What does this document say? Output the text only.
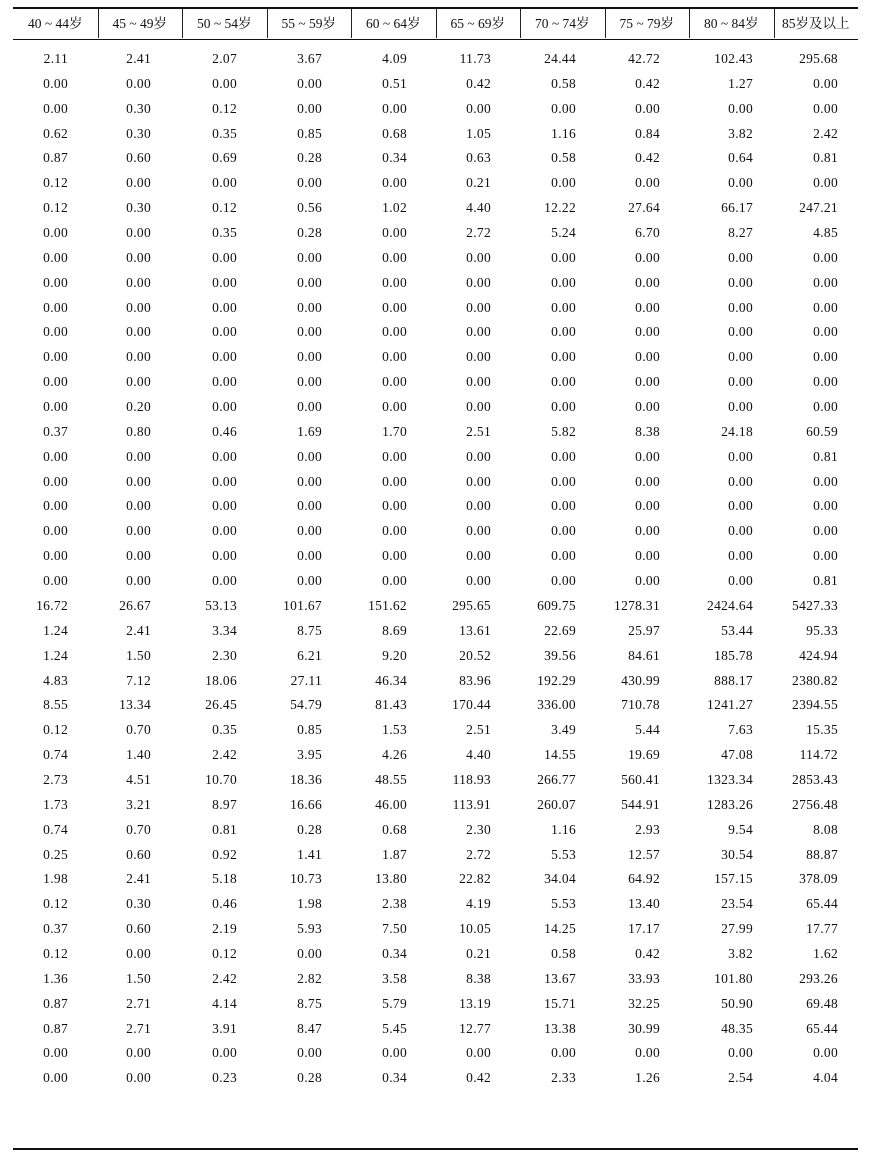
40 ~ 44岁	45 ~ 49岁	50 ~ 54岁	55 ~ 59岁	60 ~ 64岁	65 ~ 69岁	70 ~ 74岁	75 ~ 79岁	80 ~ 84岁	85岁及以上
2.11	2.41	2.07	3.67	4.09	11.73	24.44	42.72	102.43	295.68
0.00	0.00	0.00	0.00	0.51	0.42	0.58	0.42	1.27	0.00
0.00	0.30	0.12	0.00	0.00	0.00	0.00	0.00	0.00	0.00
0.62	0.30	0.35	0.85	0.68	1.05	1.16	0.84	3.82	2.42
0.87	0.60	0.69	0.28	0.34	0.63	0.58	0.42	0.64	0.81
0.12	0.00	0.00	0.00	0.00	0.21	0.00	0.00	0.00	0.00
0.12	0.30	0.12	0.56	1.02	4.40	12.22	27.64	66.17	247.21
0.00	0.00	0.35	0.28	0.00	2.72	5.24	6.70	8.27	4.85
0.00	0.00	0.00	0.00	0.00	0.00	0.00	0.00	0.00	0.00
0.00	0.00	0.00	0.00	0.00	0.00	0.00	0.00	0.00	0.00
0.00	0.00	0.00	0.00	0.00	0.00	0.00	0.00	0.00	0.00
0.00	0.00	0.00	0.00	0.00	0.00	0.00	0.00	0.00	0.00
0.00	0.00	0.00	0.00	0.00	0.00	0.00	0.00	0.00	0.00
0.00	0.00	0.00	0.00	0.00	0.00	0.00	0.00	0.00	0.00
0.00	0.20	0.00	0.00	0.00	0.00	0.00	0.00	0.00	0.00
0.37	0.80	0.46	1.69	1.70	2.51	5.82	8.38	24.18	60.59
0.00	0.00	0.00	0.00	0.00	0.00	0.00	0.00	0.00	0.81
0.00	0.00	0.00	0.00	0.00	0.00	0.00	0.00	0.00	0.00
0.00	0.00	0.00	0.00	0.00	0.00	0.00	0.00	0.00	0.00
0.00	0.00	0.00	0.00	0.00	0.00	0.00	0.00	0.00	0.00
0.00	0.00	0.00	0.00	0.00	0.00	0.00	0.00	0.00	0.00
0.00	0.00	0.00	0.00	0.00	0.00	0.00	0.00	0.00	0.81
16.72	26.67	53.13	101.67	151.62	295.65	609.75	1278.31	2424.64	5427.33
1.24	2.41	3.34	8.75	8.69	13.61	22.69	25.97	53.44	95.33
1.24	1.50	2.30	6.21	9.20	20.52	39.56	84.61	185.78	424.94
4.83	7.12	18.06	27.11	46.34	83.96	192.29	430.99	888.17	2380.82
8.55	13.34	26.45	54.79	81.43	170.44	336.00	710.78	1241.27	2394.55
0.12	0.70	0.35	0.85	1.53	2.51	3.49	5.44	7.63	15.35
0.74	1.40	2.42	3.95	4.26	4.40	14.55	19.69	47.08	114.72
2.73	4.51	10.70	18.36	48.55	118.93	266.77	560.41	1323.34	2853.43
1.73	3.21	8.97	16.66	46.00	113.91	260.07	544.91	1283.26	2756.48
0.74	0.70	0.81	0.28	0.68	2.30	1.16	2.93	9.54	8.08
0.25	0.60	0.92	1.41	1.87	2.72	5.53	12.57	30.54	88.87
1.98	2.41	5.18	10.73	13.80	22.82	34.04	64.92	157.15	378.09
0.12	0.30	0.46	1.98	2.38	4.19	5.53	13.40	23.54	65.44
0.37	0.60	2.19	5.93	7.50	10.05	14.25	17.17	27.99	17.77
0.12	0.00	0.12	0.00	0.34	0.21	0.58	0.42	3.82	1.62
1.36	1.50	2.42	2.82	3.58	8.38	13.67	33.93	101.80	293.26
0.87	2.71	4.14	8.75	5.79	13.19	15.71	32.25	50.90	69.48
0.87	2.71	3.91	8.47	5.45	12.77	13.38	30.99	48.35	65.44
0.00	0.00	0.00	0.00	0.00	0.00	0.00	0.00	0.00	0.00
0.00	0.00	0.23	0.28	0.34	0.42	2.33	1.26	2.54	4.04
